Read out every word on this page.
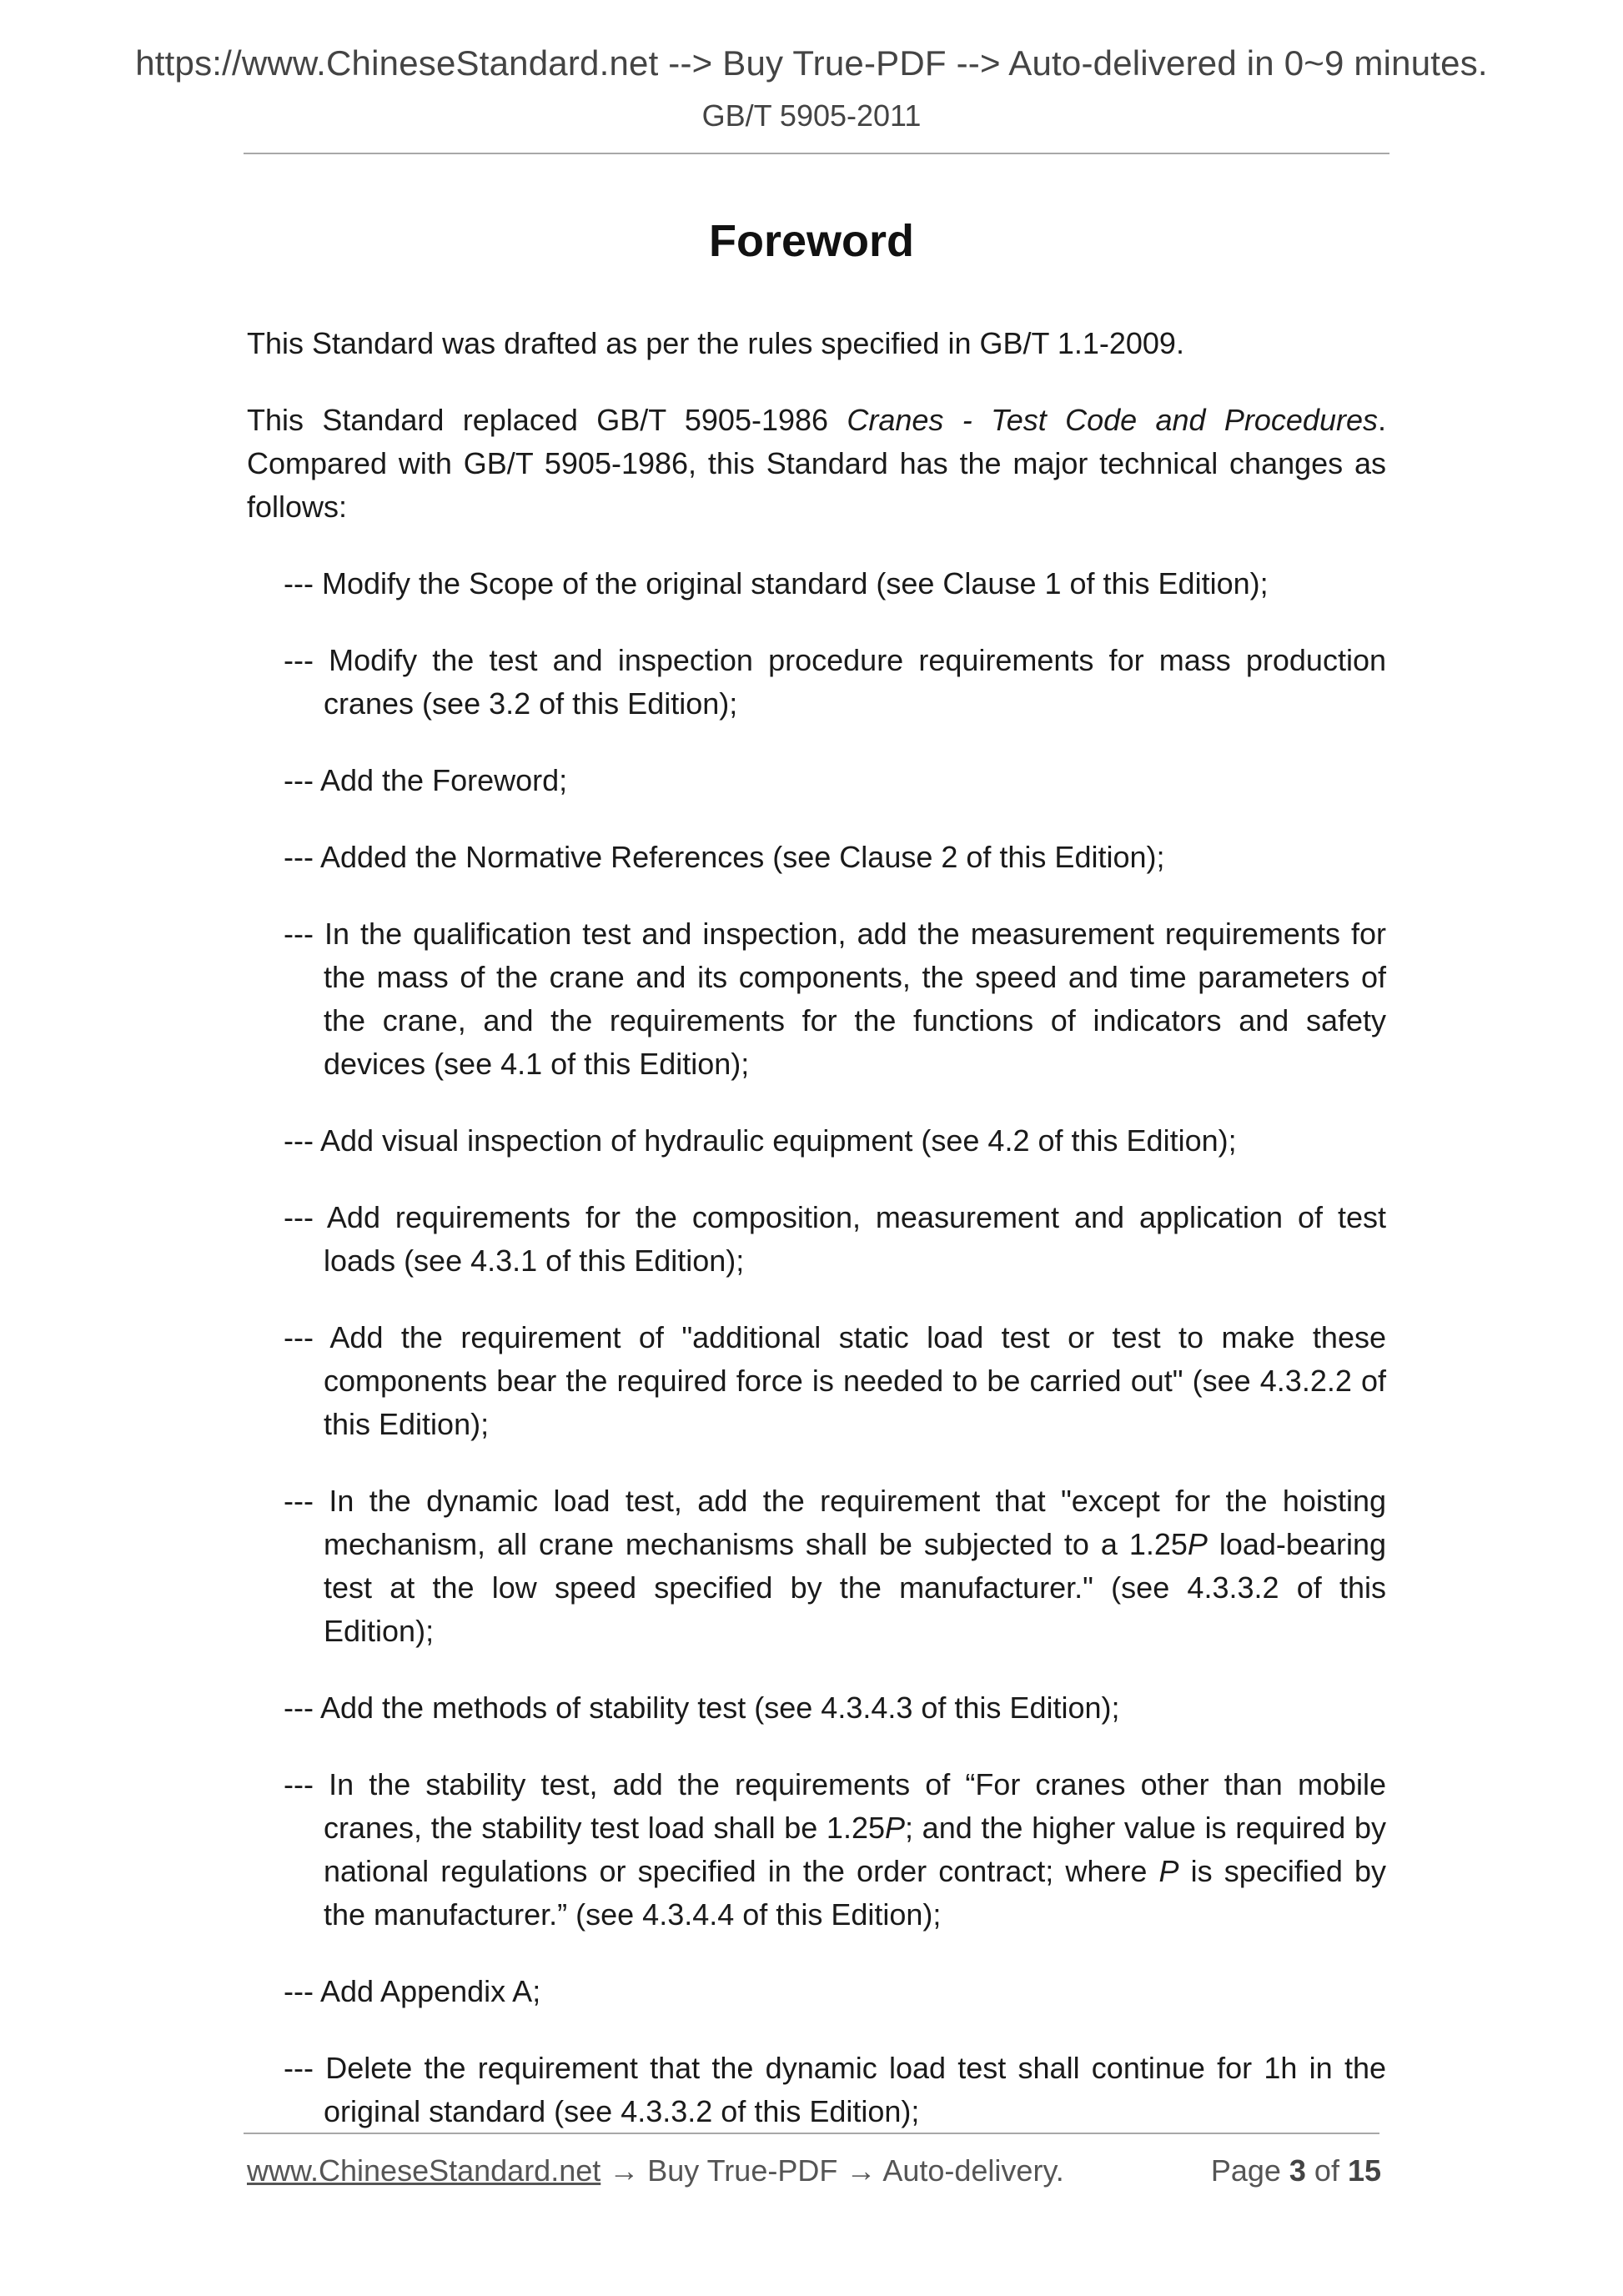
https://www.ChineseStandard.net --> Buy True-PDF --> Auto-delivered in 0~9 minutes.
GB/T 5905-2011
Foreword

This Standard was drafted as per the rules specified in GB/T 1.1-2009.

This Standard replaced GB/T 5905-1986 Cranes - Test Code and Procedures. Compared with GB/T 5905-1986, this Standard has the major technical changes as follows:

--- Modify the Scope of the original standard (see Clause 1 of this Edition);
--- Modify the test and inspection procedure requirements for mass production cranes (see 3.2 of this Edition);
--- Add the Foreword;
--- Added the Normative References (see Clause 2 of this Edition);
--- In the qualification test and inspection, add the measurement requirements for the mass of the crane and its components, the speed and time parameters of the crane, and the requirements for the functions of indicators and safety devices (see 4.1 of this Edition);
--- Add visual inspection of hydraulic equipment (see 4.2 of this Edition);
--- Add requirements for the composition, measurement and application of test loads (see 4.3.1 of this Edition);
--- Add the requirement of "additional static load test or test to make these components bear the required force is needed to be carried out" (see 4.3.2.2 of this Edition);
--- In the dynamic load test, add the requirement that "except for the hoisting mechanism, all crane mechanisms shall be subjected to a 1.25P load-bearing test at the low speed specified by the manufacturer." (see 4.3.3.2 of this Edition);
--- Add the methods of stability test (see 4.3.4.3 of this Edition);
--- In the stability test, add the requirements of “For cranes other than mobile cranes, the stability test load shall be 1.25P; and the higher value is required by national regulations or specified in the order contract; where P is specified by the manufacturer.” (see 4.3.4.4 of this Edition);
--- Add Appendix A;
--- Delete the requirement that the dynamic load test shall continue for 1h in the original standard (see 4.3.3.2 of this Edition);
www.ChineseStandard.net → Buy True-PDF → Auto-delivery.	Page 3 of 15
